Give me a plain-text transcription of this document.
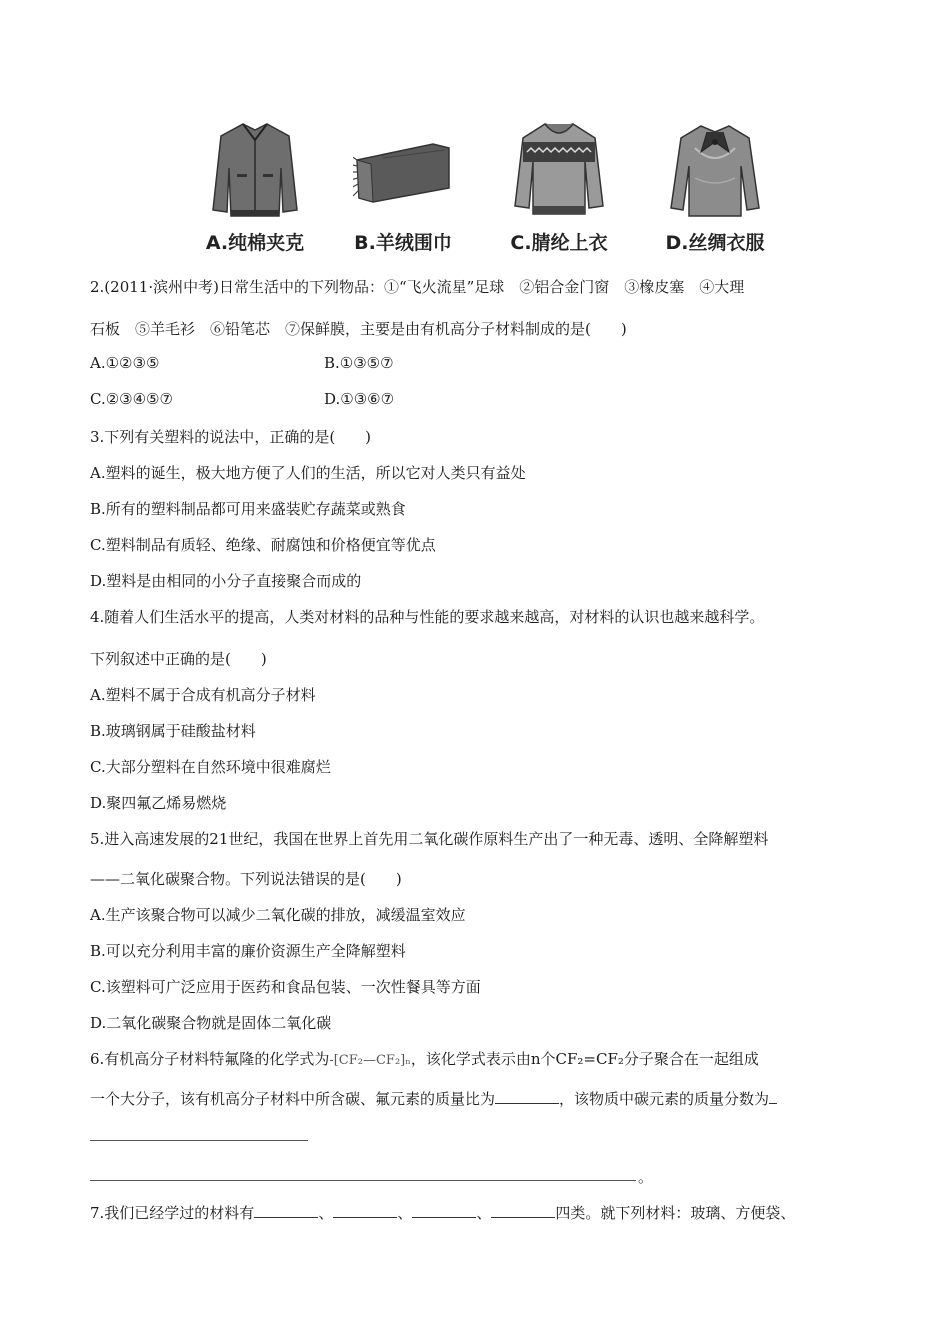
A.纯棉夹克	B.羊绒围巾	C.腈纶上衣	D.丝绸衣服
2.(2011·滨州中考)日常生活中的下列物品：①“飞火流星”足球　②铝合金门窗　③橡皮塞　④大理
石板　⑤羊毛衫　⑥铅笔芯　⑦保鲜膜，主要是由有机高分子材料制成的是(　　)
A.①②③⑤	B.①③⑤⑦
C.②③④⑤⑦	D.①③⑥⑦
3.下列有关塑料的说法中，正确的是(　　)
A.塑料的诞生，极大地方便了人们的生活，所以它对人类只有益处
B.所有的塑料制品都可用来盛装贮存蔬菜或熟食
C.塑料制品有质轻、绝缘、耐腐蚀和价格便宜等优点
D.塑料是由相同的小分子直接聚合而成的
4.随着人们生活水平的提高，人类对材料的品种与性能的要求越来越高，对材料的认识也越来越科学。
下列叙述中正确的是(　　)
A.塑料不属于合成有机高分子材料
B.玻璃钢属于硅酸盐材料
C.大部分塑料在自然环境中很难腐烂
D.聚四氟乙烯易燃烧
5.进入高速发展的21世纪，我国在世界上首先用二氧化碳作原料生产出了一种无毒、透明、全降解塑料
——二氧化碳聚合物。下列说法错误的是(　　)
A.生产该聚合物可以减少二氧化碳的排放，减缓温室效应
B.可以充分利用丰富的廉价资源生产全降解塑料
C.该塑料可广泛应用于医药和食品包装、一次性餐具等方面
D.二氧化碳聚合物就是固体二氧化碳
6.有机高分子材料特氟隆的化学式为-[CF₂—CF₂]ₙ，该化学式表示由n个CF₂=CF₂分子聚合在一起组成
一个大分子，该有机高分子材料中所含碳、氟元素的质量比为	，该物质中碳元素的质量分数为
。
7.我们已经学过的材料有	、	、	、	四类。就下列材料：玻璃、方便袋、
